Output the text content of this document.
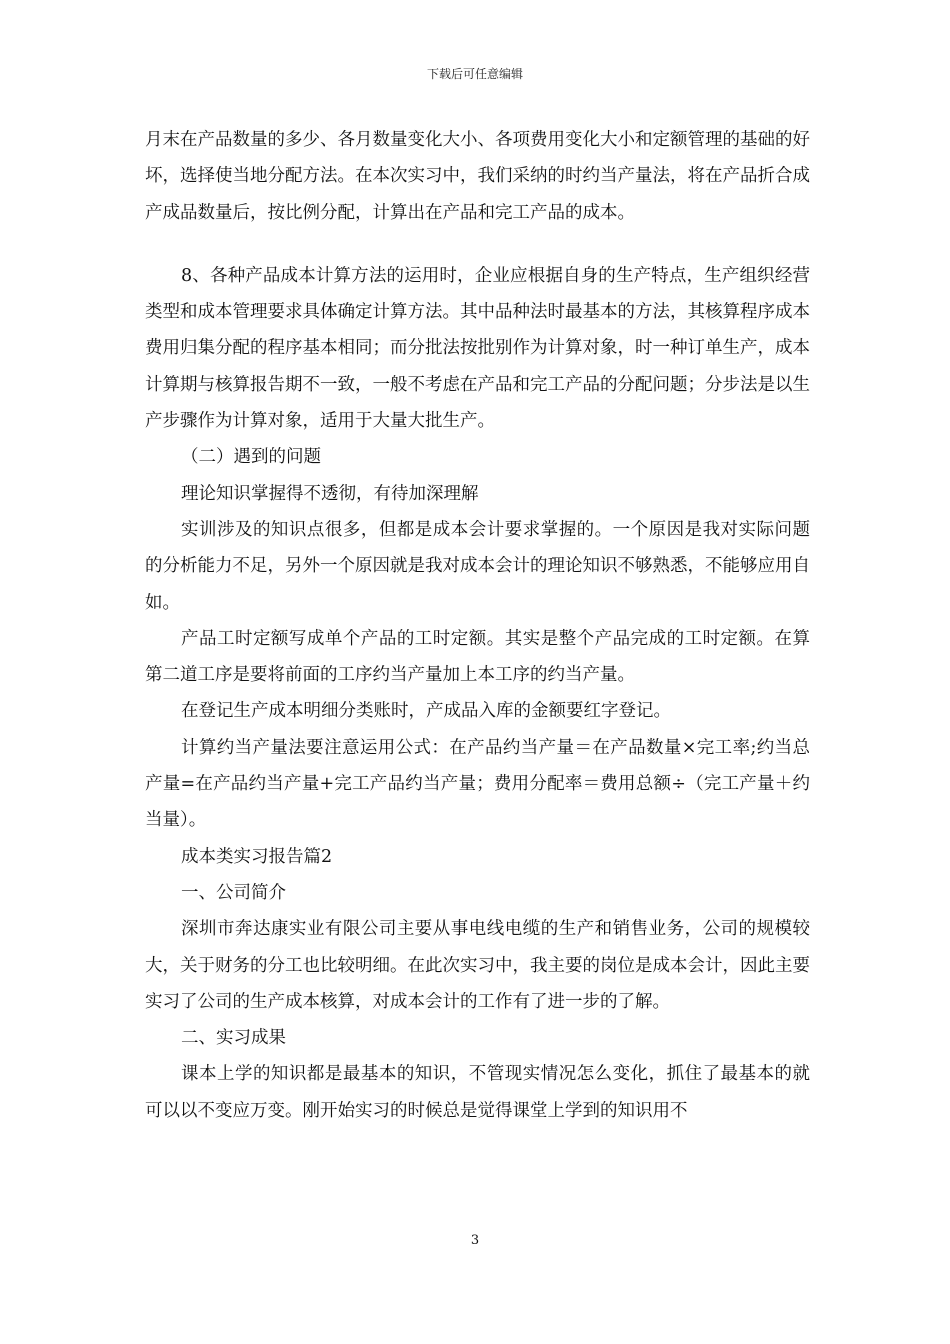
下载后可任意编辑

月末在产品数量的多少、各月数量变化大小、各项费用变化大小和定额管理的基础的好坏，选择使当地分配方法。在本次实习中，我们采纳的时约当产量法，将在产品折合成产成品数量后，按比例分配，计算出在产品和完工产品的成本。

8、各种产品成本计算方法的运用时，企业应根据自身的生产特点，生产组织经营类型和成本管理要求具体确定计算方法。其中品种法时最基本的方法，其核算程序成本费用归集分配的程序基本相同；而分批法按批别作为计算对象，时一种订单生产，成本计算期与核算报告期不一致，一般不考虑在产品和完工产品的分配问题；分步法是以生产步骤作为计算对象，适用于大量大批生产。

（二）遇到的问题

理论知识掌握得不透彻，有待加深理解

实训涉及的知识点很多，但都是成本会计要求掌握的。一个原因是我对实际问题的分析能力不足，另外一个原因就是我对成本会计的理论知识不够熟悉，不能够应用自如。

产品工时定额写成单个产品的工时定额。其实是整个产品完成的工时定额。在算第二道工序是要将前面的工序约当产量加上本工序的约当产量。

在登记生产成本明细分类账时，产成品入库的金额要红字登记。

计算约当产量法要注意运用公式：在产品约当产量＝在产品数量×完工率;约当总产量=在产品约当产量+完工产品约当产量；费用分配率＝费用总额÷（完工产量＋约当量）。

成本类实习报告篇2

一、公司简介

深圳市奔达康实业有限公司主要从事电线电缆的生产和销售业务，公司的规模较大，关于财务的分工也比较明细。在此次实习中，我主要的岗位是成本会计，因此主要实习了公司的生产成本核算，对成本会计的工作有了进一步的了解。

二、实习成果

课本上学的知识都是最基本的知识，不管现实情况怎么变化，抓住了最基本的就可以以不变应万变。刚开始实习的时候总是觉得课堂上学到的知识用不

3
